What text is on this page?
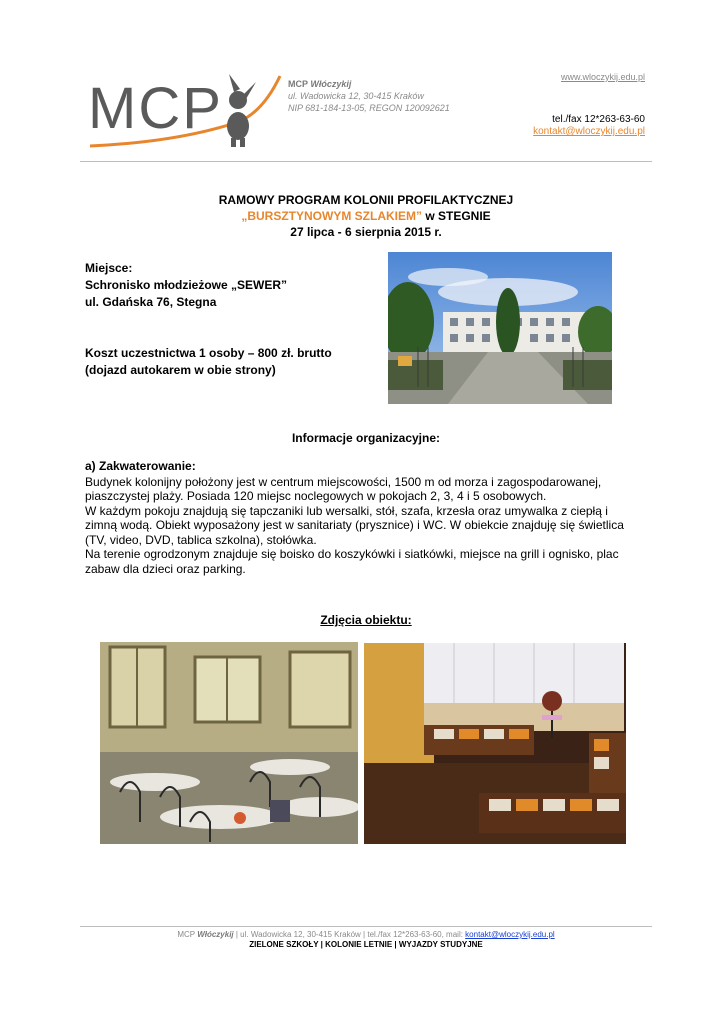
MCP	MCP Włóczykij
ul. Wadowicka 12, 30-415 Kraków
NIP 681-184-13-05, REGON 120092621
www.wloczykij.edu.pl
tel./fax 12*263-63-60
kontakt@wloczykij.edu.pl
RAMOWY PROGRAM KOLONII PROFILAKTYCZNEJ
„BURSZTYNOWYM SZLAKIEM” w STEGNIE
27 lipca - 6 sierpnia 2015 r.
Miejsce:
Schronisko młodzieżowe „SEWER”
ul. Gdańska 76, Stegna
Koszt uczestnictwa 1 osoby – 800 zł. brutto
(dojazd autokarem w obie strony)
Informacje organizacyjne:
a) Zakwaterowanie:

Budynek kolonijny położony jest w centrum miejscowości, 1500 m od morza i zagospodarowanej,

piaszczystej plaży. Posiada 120 miejsc noclegowych w pokojach 2, 3, 4 i 5 osobowych.

W każdym pokoju znajdują się tapczaniki lub wersalki, stół, szafa, krzesła oraz umywalka z ciepłą i

zimną wodą. Obiekt wyposażony jest w sanitariaty (prysznice) i WC. W obiekcie znajduję się świetlica

(TV, video, DVD, tablica szkolna), stołówka.

Na terenie ogrodzonym znajduje się boisko do koszykówki i siatkówki, miejsce na grill i ognisko, plac

zabaw dla dzieci oraz parking.

Zdjęcia obiektu:
MCP Włóczykij | ul. Wadowicka 12, 30-415 Kraków | tel./fax 12*263-63-60, mail: kontakt@wloczykij.edu.pl
ZIELONE SZKOŁY | KOLONIE LETNIE | WYJAZDY STUDYJNE
